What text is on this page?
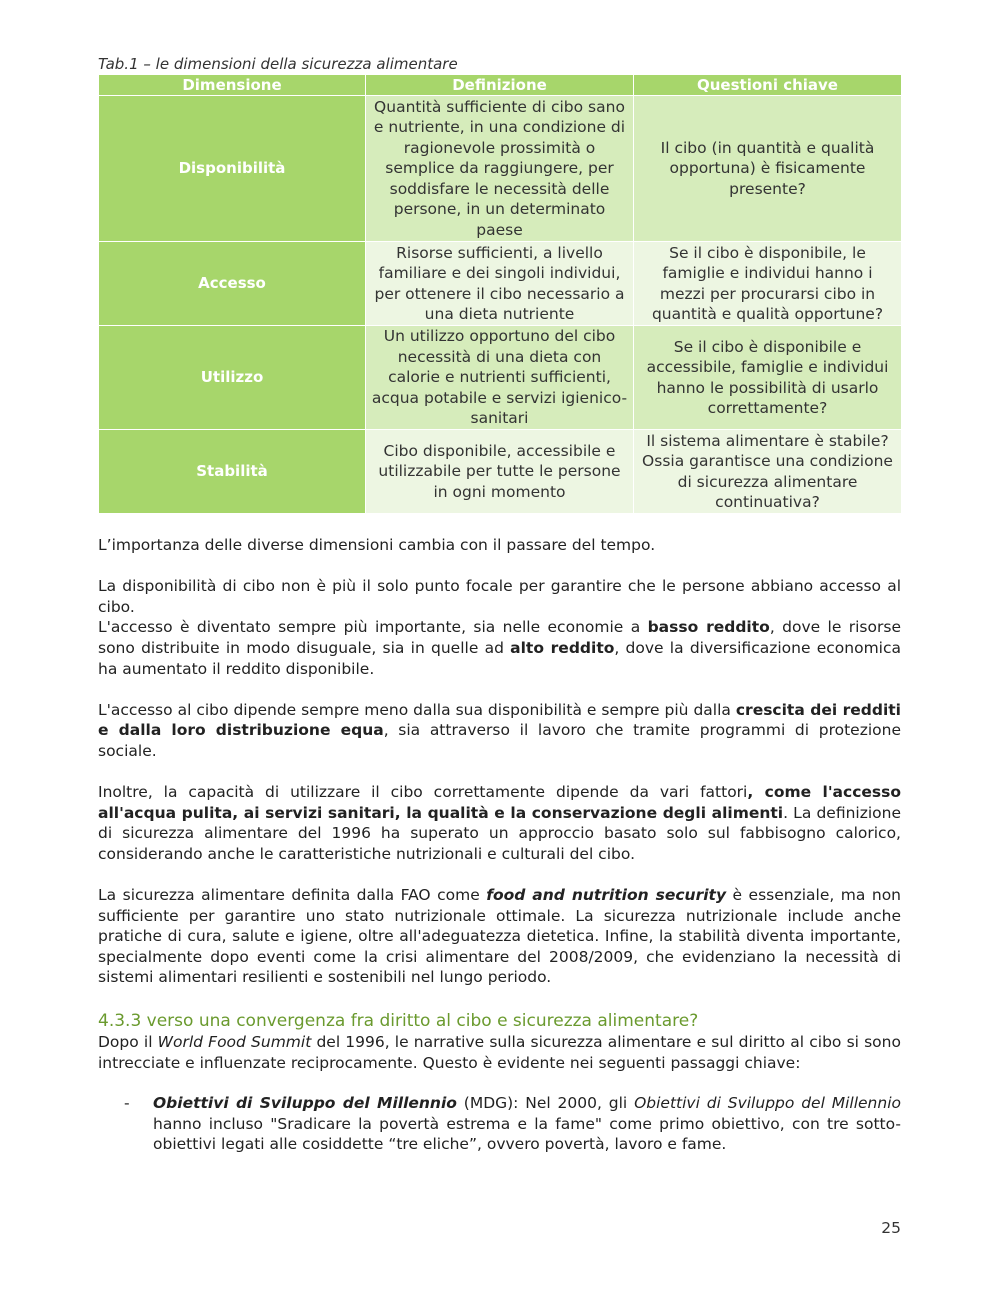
Tab.1 – le dimensioni della sicurezza alimentare
Dimensione	Definizione	Questioni chiave
Disponibilità	Quantità sufficiente di cibo sano e nutriente, in una condizione di ragionevole prossimità o semplice da raggiungere, per soddisfare le necessità delle persone, in un determinato paese	Il cibo (in quantità e qualità opportuna) è fisicamente presente?
Accesso	Risorse sufficienti, a livello familiare e dei singoli individui, per ottenere il cibo necessario a una dieta nutriente	Se il cibo è disponibile, le famiglie e individui hanno i mezzi per procurarsi cibo in quantità e qualità opportune?
Utilizzo	Un utilizzo opportuno del cibo necessità di una dieta con calorie e nutrienti sufficienti, acqua potabile e servizi igienico-sanitari	Se il cibo è disponibile e accessibile, famiglie e individui hanno le possibilità di usarlo correttamente?
Stabilità	Cibo disponibile, accessibile e utilizzabile per tutte le persone in ogni momento	Il sistema alimentare è stabile? Ossia garantisce una condizione di sicurezza alimentare continuativa?

L’importanza delle diverse dimensioni cambia con il passare del tempo.

La disponibilità di cibo non è più il solo punto focale per garantire che le persone abbiano accesso al cibo.

L'accesso è diventato sempre più importante, sia nelle economie a basso reddito, dove le risorse sono distribuite in modo disuguale, sia in quelle ad alto reddito, dove la diversificazione economica ha aumentato il reddito disponibile.

L'accesso al cibo dipende sempre meno dalla sua disponibilità e sempre più dalla crescita dei redditi e dalla loro distribuzione equa, sia attraverso il lavoro che tramite programmi di protezione sociale.

Inoltre, la capacità di utilizzare il cibo correttamente dipende da vari fattori, come l'accesso all'acqua pulita, ai servizi sanitari, la qualità e la conservazione degli alimenti. La definizione di sicurezza alimentare del 1996 ha superato un approccio basato solo sul fabbisogno calorico, considerando anche le caratteristiche nutrizionali e culturali del cibo.

La sicurezza alimentare definita dalla FAO come food and nutrition security è essenziale, ma non sufficiente per garantire uno stato nutrizionale ottimale. La sicurezza nutrizionale include anche pratiche di cura, salute e igiene, oltre all'adeguatezza dietetica. Infine, la stabilità diventa importante, specialmente dopo eventi come la crisi alimentare del 2008/2009, che evidenziano la necessità di sistemi alimentari resilienti e sostenibili nel lungo periodo.

4.3.3 verso una convergenza fra diritto al cibo e sicurezza alimentare?

Dopo il World Food Summit del 1996, le narrative sulla sicurezza alimentare e sul diritto al cibo si sono intrecciate e influenzate reciprocamente. Questo è evidente nei seguenti passaggi chiave:

- Obiettivi di Sviluppo del Millennio (MDG): Nel 2000, gli Obiettivi di Sviluppo del Millennio hanno incluso "Sradicare la povertà estrema e la fame" come primo obiettivo, con tre sotto-obiettivi legati alle cosiddette “tre eliche”, ovvero povertà, lavoro e fame.
25
